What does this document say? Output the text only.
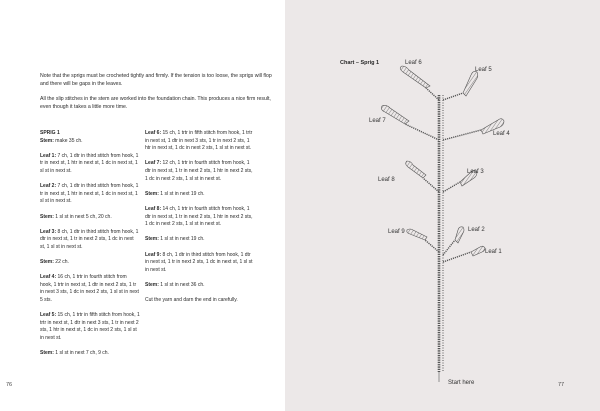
Note that the sprigs must be crocheted tightly and firmly. If the tension is too loose, the sprigs will flop and there will be gaps in the leaves.

All the slip stitches in the stem are worked into the foundation chain. This produces a nice firm result, even though it takes a little more time.

SPRIG 1
Stem: make 35 ch.
Leaf 1: 7 ch, 1 dtr in third stitch from hook, 1 tr in next st, 1 htr in next st, 1 dc in next st, 1 sl st in next st.
Leaf 2: 7 ch, 1 dtr in third stitch from hook, 1 tr in next st, 1 htr in next st, 1 dc in next st, 1 sl st in next st.
Stem: 1 sl st in next 5 ch, 20 ch.
Leaf 3: 8 ch, 1 dtr in third stitch from hook, 1 dtr in next st, 1 tr in next 2 sts, 1 dc in next st, 1 sl st in next st.
Stem: 22 ch.
Leaf 4: 16 ch, 1 trtr in fourth stitch from hook, 1 trtr in next st, 1 dtr in next 2 sts, 1 tr in next 3 sts, 1 dc in next 2 sts, 1 sl st in next 5 sts.
Leaf 5: 15 ch, 1 trtr in fifth stitch from hook, 1 trtr in next st, 1 dtr in next 3 sts, 1 tr in next 2 sts, 1 htr in next st, 1 dc in next 2 sts, 1 sl st in next st.
Stem: 1 sl st in next 7 ch, 9 ch.
Leaf 6: 15 ch, 1 trtr in fifth stitch from hook, 1 trtr in next st, 1 dtr in next 3 sts, 1 tr in next 2 sts, 1 htr in next st, 1 dc in next 2 sts, 1 sl st in next st.
Leaf 7: 12 ch, 1 trtr in fourth stitch from hook, 1 dtr in next st, 1 tr in next 2 sts, 1 htr in next 2 sts, 1 dc in next 2 sts, 1 sl st in next st.
Stem: 1 sl st in next 19 ch.
Leaf 8: 14 ch, 1 trtr in fourth stitch from hook, 1 dtr in next st, 1 tr in next 2 sts, 1 htr in next 2 sts, 1 dc in next 2 sts, 1 sl st in next st.
Stem: 1 sl st in next 19 ch.
Leaf 9: 8 ch, 1 dtr in third stitch from hook, 1 dtr in next st, 1 tr in next 2 sts, 1 dc in next st, 1 sl st in next st.
Stem: 1 sl st in next 36 ch.
Cut the yarn and darn the end in carefully.
76
Chart – Sprig 1	Leaf 6
Leaf 5
Leaf 7
Leaf 4
Leaf 8
Leaf 3
Leaf 9	Leaf 2
Leaf 1
Start here	77
